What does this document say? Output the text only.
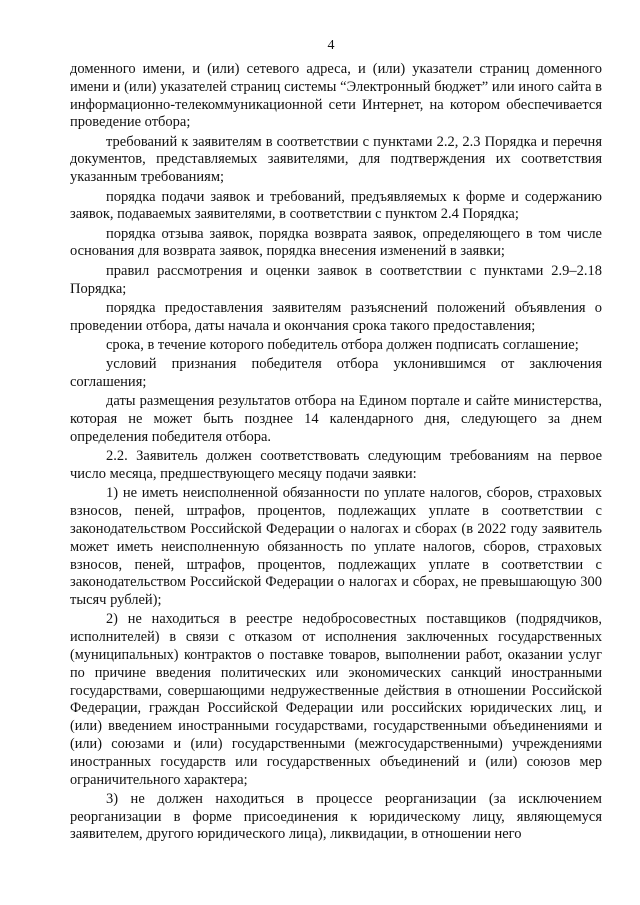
4

доменного имени, и (или) сетевого адреса, и (или) указатели страниц доменного имени и (или) указателей страниц системы “Электронный бюджет” или иного сайта в информационно-телекоммуникационной сети Интернет, на котором обеспечивается проведение отбора;

требований к заявителям в соответствии с пунктами 2.2, 2.3 Порядка и перечня документов, представляемых заявителями, для подтверждения их соответствия указанным требованиям;

порядка подачи заявок и требований, предъявляемых к форме и содержанию заявок, подаваемых заявителями, в соответствии с пунктом 2.4 Порядка;

порядка отзыва заявок, порядка возврата заявок, определяющего в том числе основания для возврата заявок, порядка внесения изменений в заявки;

правил рассмотрения и оценки заявок в соответствии с пунктами 2.9–2.18 Порядка;

порядка предоставления заявителям разъяснений положений объявления о проведении отбора, даты начала и окончания срока такого предоставления;

срока, в течение которого победитель отбора должен подписать соглашение;

условий признания победителя отбора уклонившимся от заключения соглашения;

даты размещения результатов отбора на Едином портале и сайте министерства, которая не может быть позднее 14 календарного дня, следующего за днем определения победителя отбора.

2.2. Заявитель должен соответствовать следующим требованиям на первое число месяца, предшествующего месяцу подачи заявки:

1) не иметь неисполненной обязанности по уплате налогов, сборов, страховых взносов, пеней, штрафов, процентов, подлежащих уплате в соответствии с законодательством Российской Федерации о налогах и сборах (в 2022 году заявитель может иметь неисполненную обязанность по уплате налогов, сборов, страховых взносов, пеней, штрафов, процентов, подлежащих уплате в соответствии с законодательством Российской Федерации о налогах и сборах, не превышающую 300 тысяч рублей);

2) не находиться в реестре недобросовестных поставщиков (подрядчиков, исполнителей) в связи с отказом от исполнения заключенных государственных (муниципальных) контрактов о поставке товаров, выполнении работ, оказании услуг по причине введения политических или экономических санкций иностранными государствами, совершающими недружественные действия в отношении Российской Федерации, граждан Российской Федерации или российских юридических лиц, и (или) введением иностранными государствами, государственными объединениями и (или) союзами и (или) государственными (межгосударственными) учреждениями иностранных государств или государственных объединений и (или) союзов мер ограничительного характера;

3) не должен находиться в процессе реорганизации (за исключением реорганизации в форме присоединения к юридическому лицу, являющемуся заявителем, другого юридического лица), ликвидации, в отношении него
